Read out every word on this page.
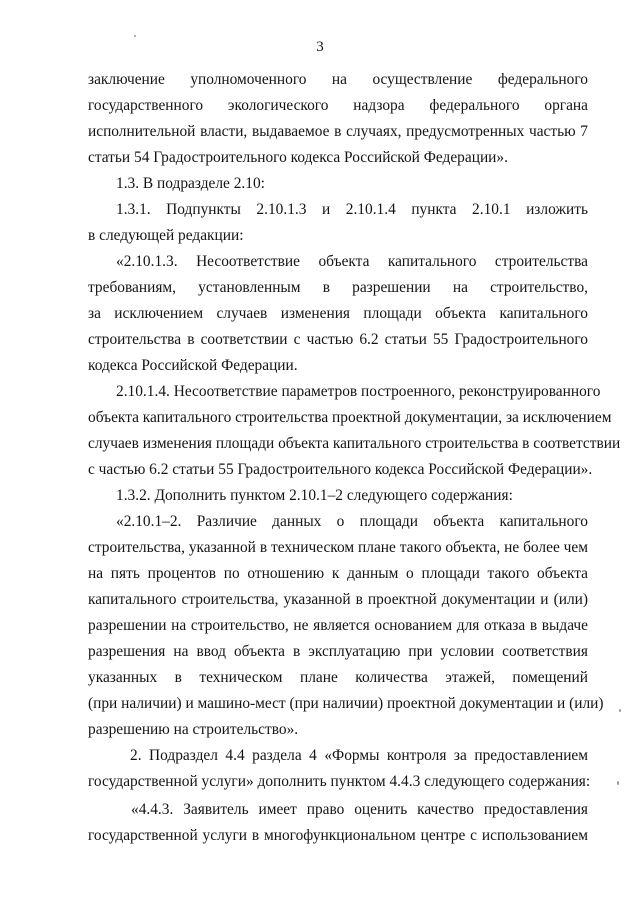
3
заключение уполномоченного на осуществление федерального
государственного экологического надзора федерального органа
исполнительной власти, выдаваемое в случаях, предусмотренных частью 7
статьи 54 Градостроительного кодекса Российской Федерации».
1.3. В подразделе 2.10:
1.3.1. Подпункты 2.10.1.3 и 2.10.1.4 пункта 2.10.1 изложить
в следующей редакции:
«2.10.1.3. Несоответствие объекта капитального строительства
требованиям, установленным в разрешении на строительство,
за исключением случаев изменения площади объекта капитального
строительства в соответствии с частью 6.2 статьи 55 Градостроительного
кодекса Российской Федерации.
2.10.1.4. Несоответствие параметров построенного, реконструированного
объекта капитального строительства проектной документации, за исключением
случаев изменения площади объекта капитального строительства в соответствии
с частью 6.2 статьи 55 Градостроительного кодекса Российской Федерации».
1.3.2. Дополнить пунктом 2.10.1–2 следующего содержания:
«2.10.1–2. Различие данных о площади объекта капитального
строительства, указанной в техническом плане такого объекта, не более чем
на пять процентов по отношению к данным о площади такого объекта
капитального строительства, указанной в проектной документации и (или)
разрешении на строительство, не является основанием для отказа в выдаче
разрешения на ввод объекта в эксплуатацию при условии соответствия
указанных в техническом плане количества этажей, помещений
(при наличии) и машино-мест (при наличии) проектной документации и (или)
разрешению на строительство».
2. Подраздел 4.4 раздела 4 «Формы контроля за предоставлением
государственной услуги» дополнить пунктом 4.4.3 следующего содержания:
«4.4.3. Заявитель имеет право оценить качество предоставления
государственной услуги в многофункциональном центре с использованием
